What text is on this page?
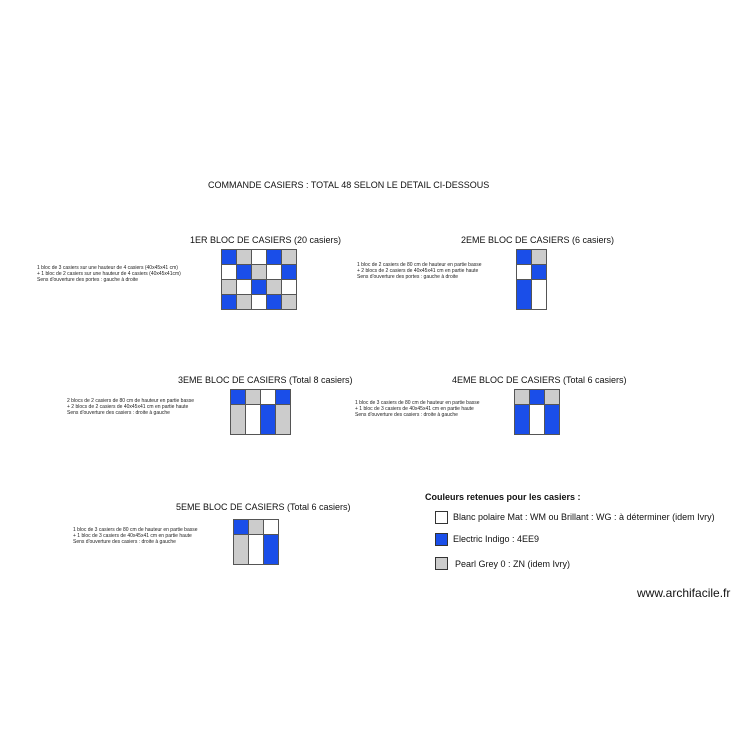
COMMANDE CASIERS : TOTAL 48 SELON LE DETAIL CI-DESSOUS
1ER BLOC DE CASIERS (20 casiers)
1 bloc de 3 casiers sur une hauteur de 4 casiers (40x45x41 cm)
+ 1 bloc de 2 casiers sur une hauteur de 4 casiers (40x45x41cm)
Sens d'ouverture des portes : gauche à droite
2EME BLOC DE CASIERS (6 casiers)
1 bloc de 2 casiers de 80 cm de hauteur en partie basse
+ 2 blocs de 2 casiers de 40x45x41 cm en partie haute
Sens d'ouverture des portes : gauche à droite
3EME BLOC DE CASIERS (Total 8 casiers)
2 blocs de 2 casiers de 80 cm de hauteur en partie basse
+ 2 blocs de 2 casiers de 40x45x41 cm en partie haute
Sens d'ouverture des casiers : droite à gauche
4EME BLOC DE CASIERS (Total 6 casiers)
1 bloc de 3 casiers de 80 cm de hauteur en partie basse
+ 1 bloc de 3 casiers de 40x45x41 cm en partie haute
Sens d'ouverture des casiers : droite à gauche
5EME BLOC DE CASIERS (Total 6 casiers)
1 bloc de 3 casiers de 80 cm de hauteur en partie basse
+ 1 bloc de 3 casiers de 40x45x41 cm en partie haute
Sens d'ouverture des casiers : droite à gauche
Couleurs retenues pour les casiers :
Blanc polaire Mat : WM ou Brillant : WG : à déterminer (idem Ivry)
Electric Indigo : 4EE9
Pearl Grey 0 : ZN (idem Ivry)
www.archifacile.fr
